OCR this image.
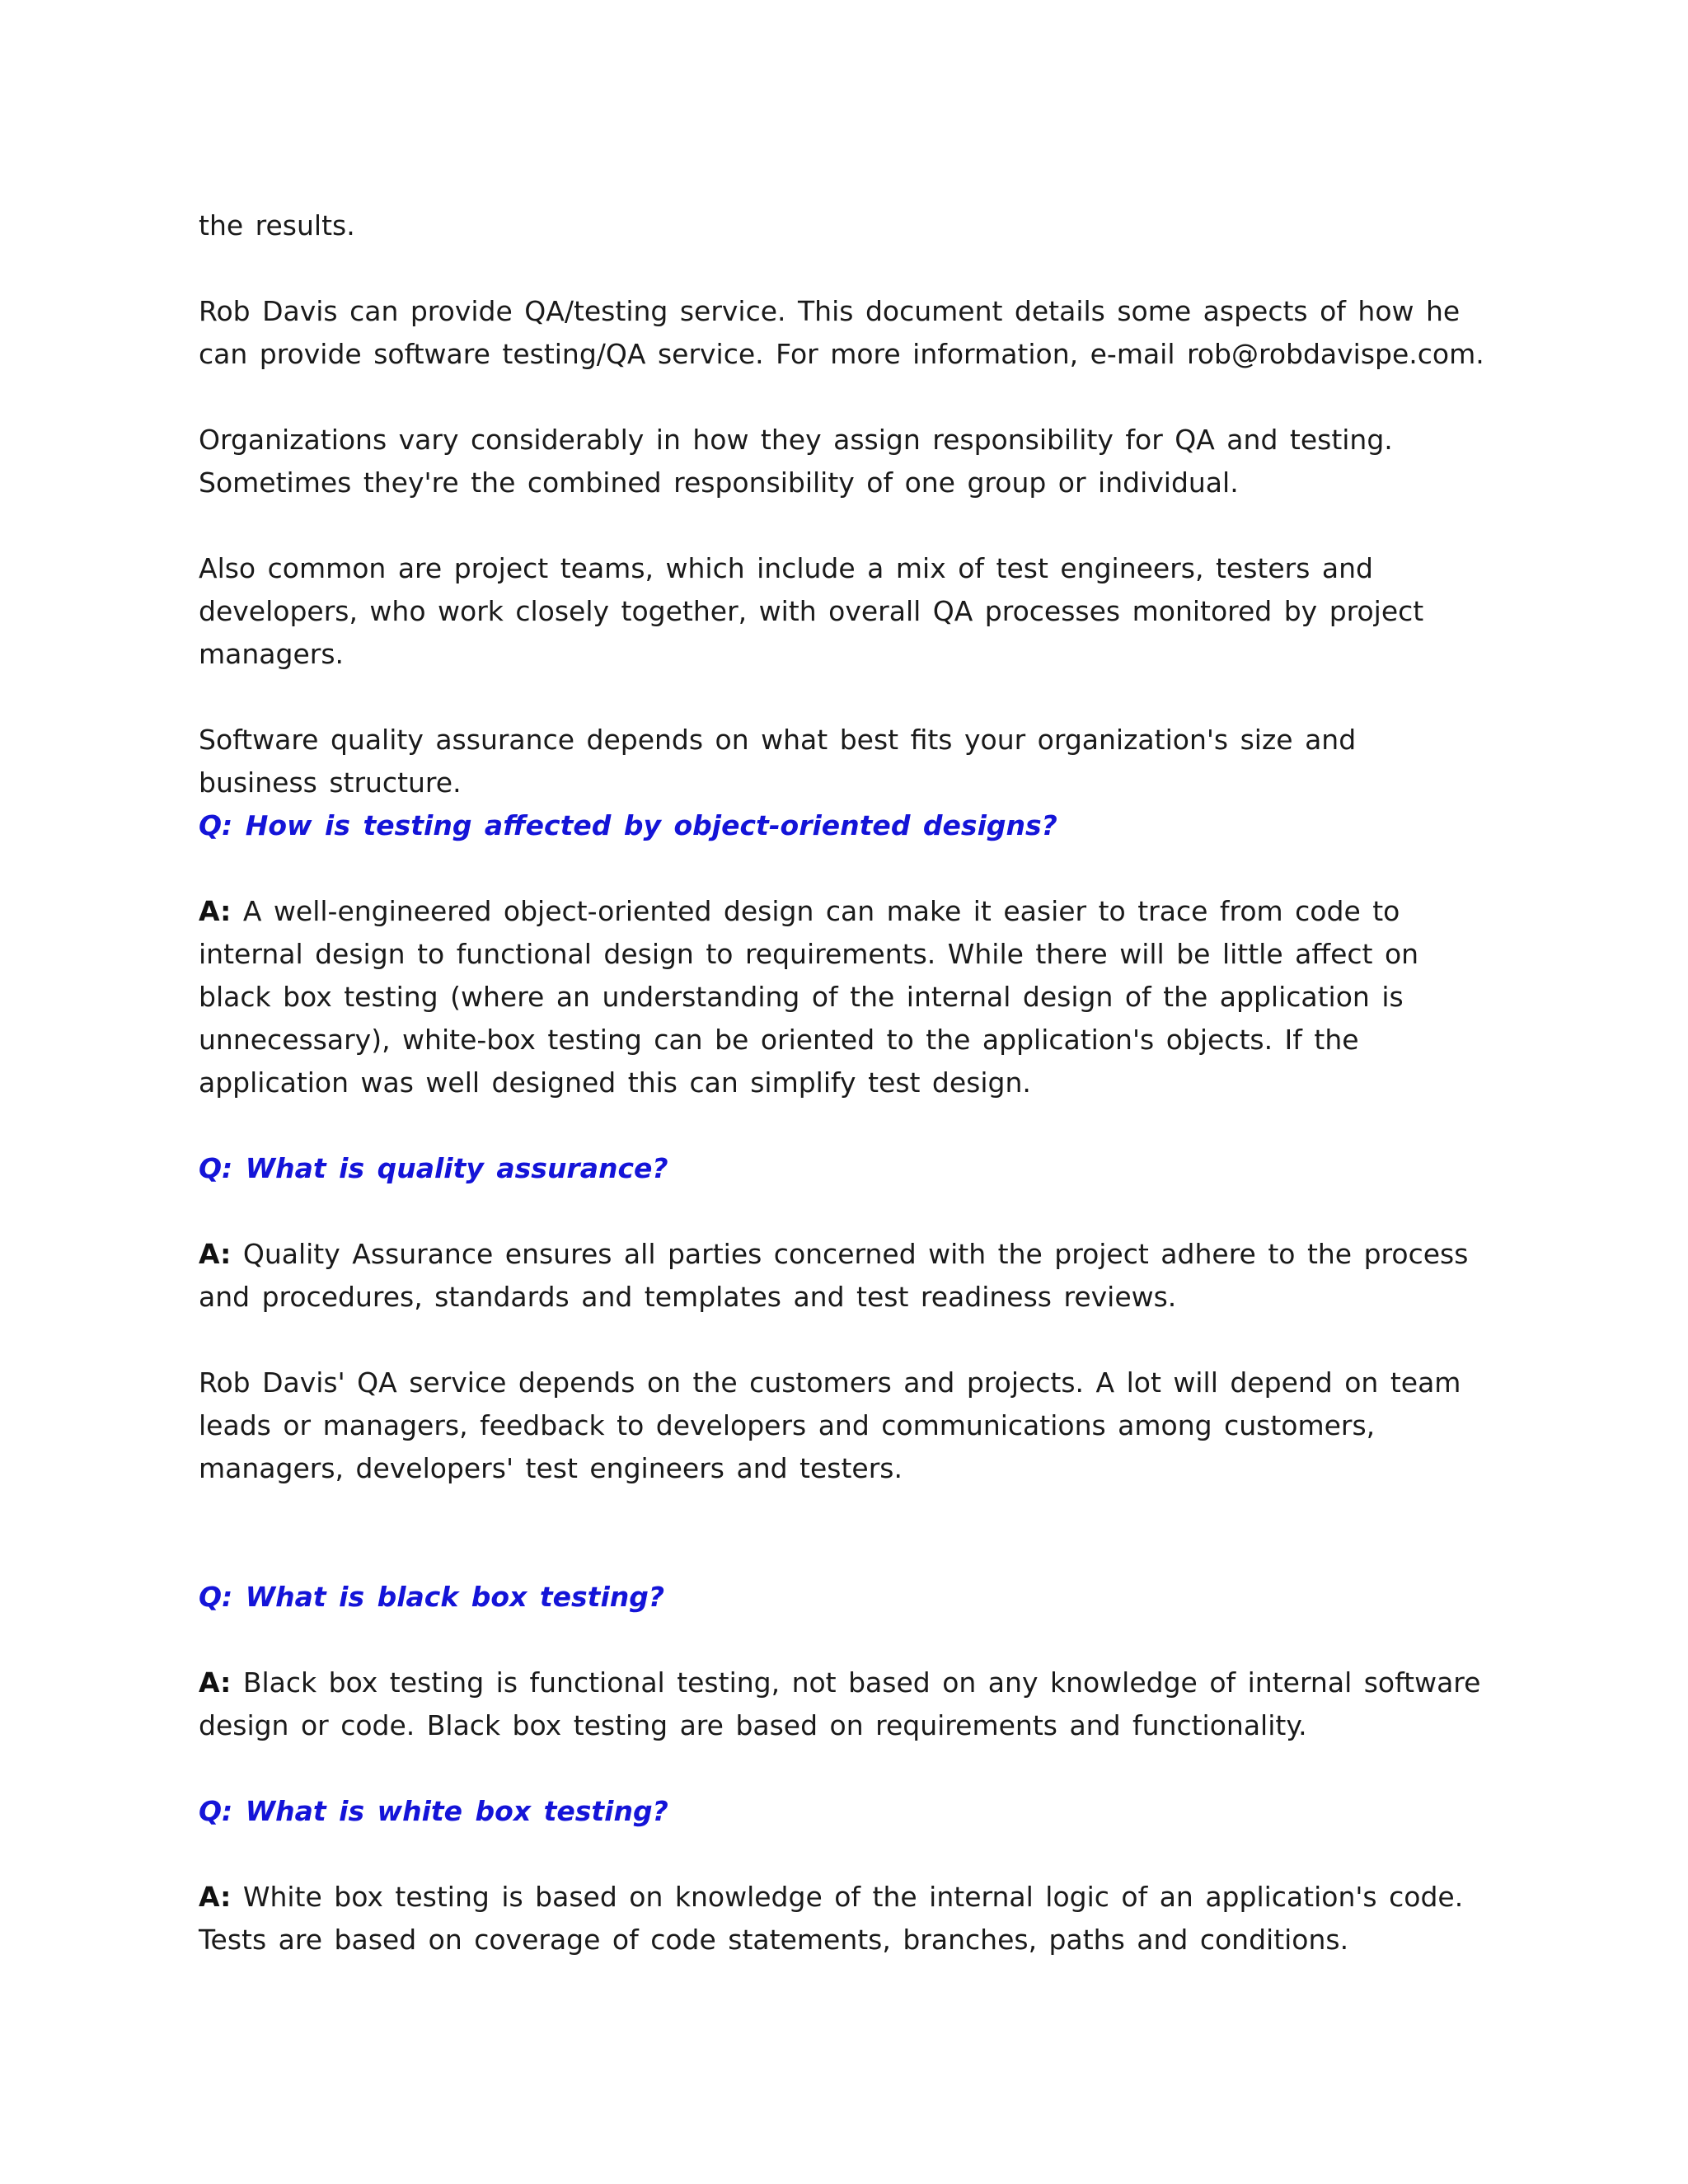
the results.

Rob Davis can provide QA/testing service. This document details some aspects of how he can provide software testing/QA service. For more information, e-mail rob@robdavispe.com.

Organizations vary considerably in how they assign responsibility for QA and testing. Sometimes they're the combined responsibility of one group or individual.

Also common are project teams, which include a mix of test engineers, testers and developers, who work closely together, with overall QA processes monitored by project managers.

Software quality assurance depends on what best fits your organization's size and business structure.

Q: How is testing affected by object-oriented designs?

A: A well-engineered object-oriented design can make it easier to trace from code to internal design to functional design to requirements. While there will be little affect on black box testing (where an understanding of the internal design of the application is unnecessary), white-box testing can be oriented to the application's objects. If the application was well designed this can simplify test design.

Q: What is quality assurance?

A: Quality Assurance ensures all parties concerned with the project adhere to the process and procedures, standards and templates and test readiness reviews.

Rob Davis' QA service depends on the customers and projects. A lot will depend on team leads or managers, feedback to developers and communications among customers, managers, developers' test engineers and testers.

Q: What is black box testing?

A: Black box testing is functional testing, not based on any knowledge of internal software design or code. Black box testing are based on requirements and functionality.

Q: What is white box testing?

A: White box testing is based on knowledge of the internal logic of an application's code. Tests are based on coverage of code statements, branches, paths and conditions.
